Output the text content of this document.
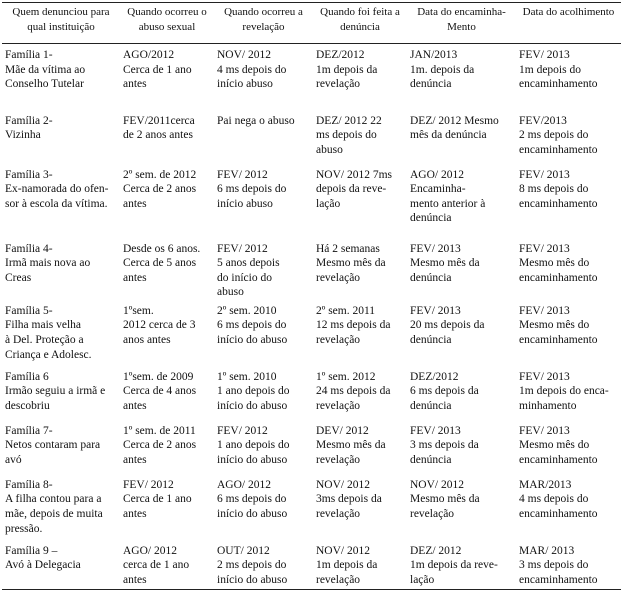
Quem denunciou para
qual instituição	Quando ocorreu o
abuso sexual	Quando ocorreu a
revelação	Quando foi feita a
denúncia	Data do encaminha-
Mento	Data do acolhimento

Família 1-
Mãe da vítima ao
Conselho Tutelar	AGO/2012
Cerca de 1 ano
antes	NOV/ 2012
4 ms depois do
início abuso	DEZ/2012
1m depois da
revelação	JAN/2013
1m. depois da
denúncia	FEV/ 2013
1m depois do
encaminhamento

Família 2-
Vizinha	FEV/2011cerca
de 2 anos antes	Pai nega o abuso	DEZ/ 2012 22
ms depois do
abuso	DEZ/ 2012 Mesmo
mês da denúncia	FEV/2013
2 ms depois do
encaminhamento

Família 3-
Ex-namorada do ofen-
sor à escola da vítima.	2º sem. de 2012
Cerca de 2 anos
antes	FEV/ 2012
6 ms depois do
início abuso	NOV/ 2012 7ms
depois da reve-
lação	AGO/ 2012
Encaminha-
mento anterior à
denúncia	FEV/ 2013
8 ms depois do
encaminhamento

Família 4-
Irmã mais nova ao
Creas	Desde os 6 anos.
Cerca de 5 anos
antes	FEV/ 2012
5 anos depois
do início do
abuso	Há 2 semanas
Mesmo mês da
revelação	FEV/ 2013
Mesmo mês da
denúncia	FEV/ 2013
Mesmo mês do
encaminhamento

Família 5-
Filha mais velha
à Del. Proteção a
Criança e Adolesc.	1ºsem.
2012 cerca de 3
anos antes	2º sem. 2010
6 ms depois do
início do abuso	2º sem. 2011
12 ms depois da
revelação	FEV/ 2013
20 ms depois da
denúncia	FEV/ 2013
Mesmo mês do
encaminhamento

Família 6
Irmão seguiu a irmã e
descobriu	1ºsem. de 2009
Cerca de 4 anos
antes	1º sem. 2010
1 ano depois do
início do abuso	1º sem. 2012
24 ms depois da
revelação	DEZ/2012
6 ms depois da
denúncia	FEV/ 2013
1m depois do enca-
minhamento

Família 7-
Netos contaram para
avó	1º sem. de 2011
Cerca de 2 anos
antes	FEV/ 2012
1 ano depois do
início do abuso	DEV/ 2012
Mesmo mês da
revelação	FEV/ 2013
3 ms depois da
denúncia	FEV/ 2013
Mesmo mês do
encaminhamento

Família 8-
A filha contou para a
mãe, depois de muita
pressão.	FEV/ 2012
Cerca de 1 ano
antes	AGO/ 2012
6 ms depois do
início do abuso	NOV/ 2012
3ms depois da
revelação	NOV/ 2012
Mesmo mês da
revelação	MAR/2013
4 ms depois do
encaminhamento

Família 9 –
Avó à Delegacia	AGO/ 2012
cerca de 1 ano
antes	OUT/ 2012
2 ms depois do
início do abuso	NOV/ 2012
1m depois da
revelação	DEZ/ 2012
1m depois da reve-
lação	MAR/ 2013
3 ms depois do
encaminhamento
